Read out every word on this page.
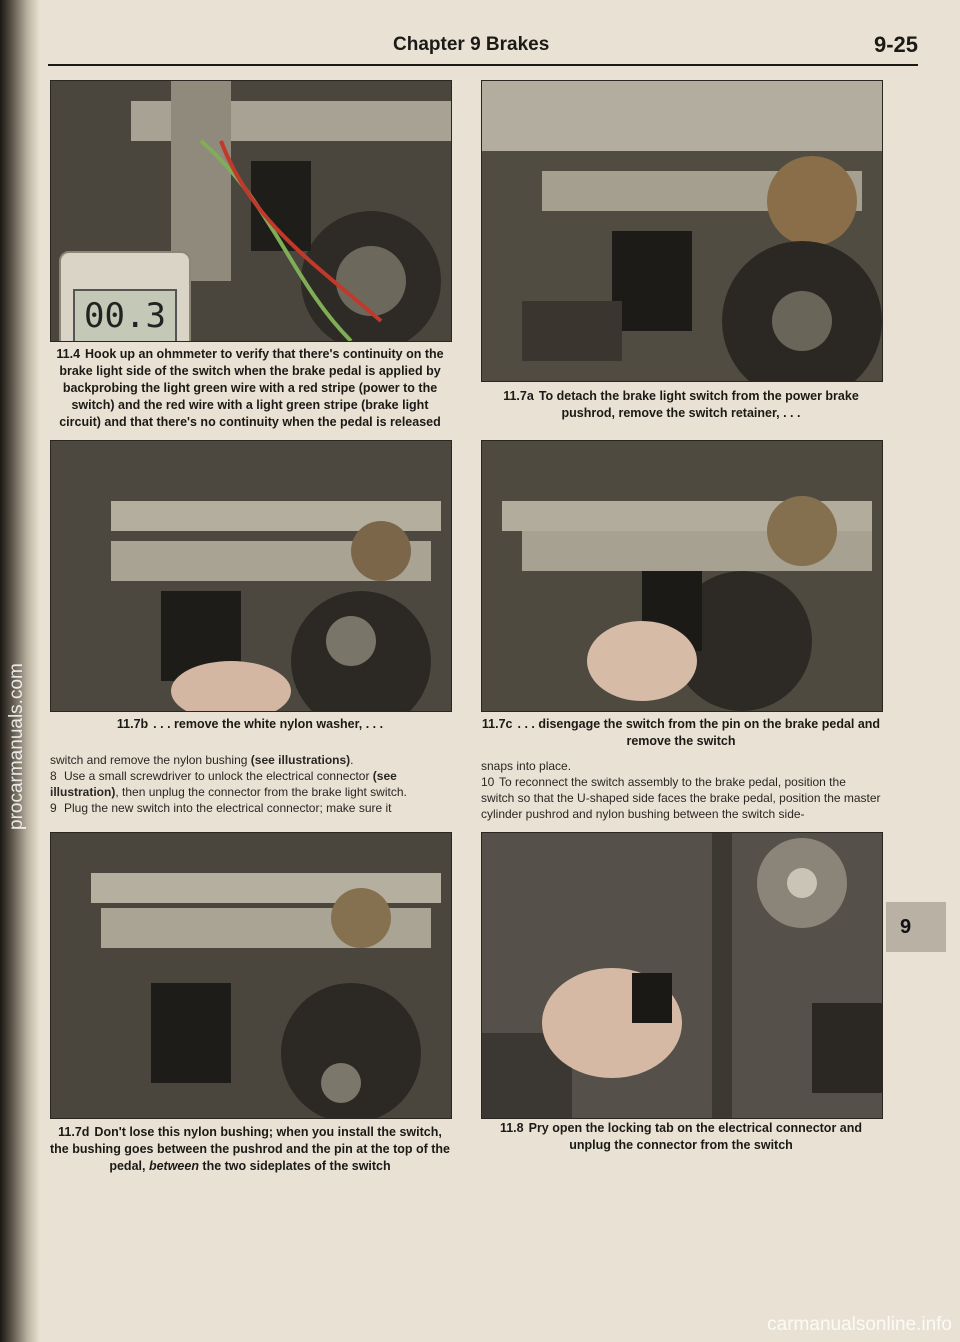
Chapter 9 Brakes	9-25
00.3
11.4 Hook up an ohmmeter to verify that there's continuity on the brake light side of the switch when the brake pedal is applied by backprobing the light green wire with a red stripe (power to the switch) and the red wire with a light green stripe (brake light circuit) and that there's no continuity when the pedal is released
11.7a To detach the brake light switch from the power brake pushrod, remove the switch retainer, . . .
11.7b . . . remove the white nylon washer, . . .	11.7c . . . disengage the switch from the pin on the brake pedal and remove the switch

switch and remove the nylon bushing (see illustrations).

8 Use a small screwdriver to unlock the electrical connector (see illustration), then unplug the connector from the brake light switch.

9 Plug the new switch into the electrical connector; make sure it

snaps into place.

10 To reconnect the switch assembly to the brake pedal, position the switch so that the U-shaped side faces the brake pedal, position the master cylinder pushrod and nylon bushing between the switch side-

11.7d Don't lose this nylon bushing; when you install the switch, the bushing goes between the pushrod and the pin at the top of the pedal, between the two sideplates of the switch
11.8 Pry open the locking tab on the electrical connector and unplug the connector from the switch
9
carmanualsonline.info
